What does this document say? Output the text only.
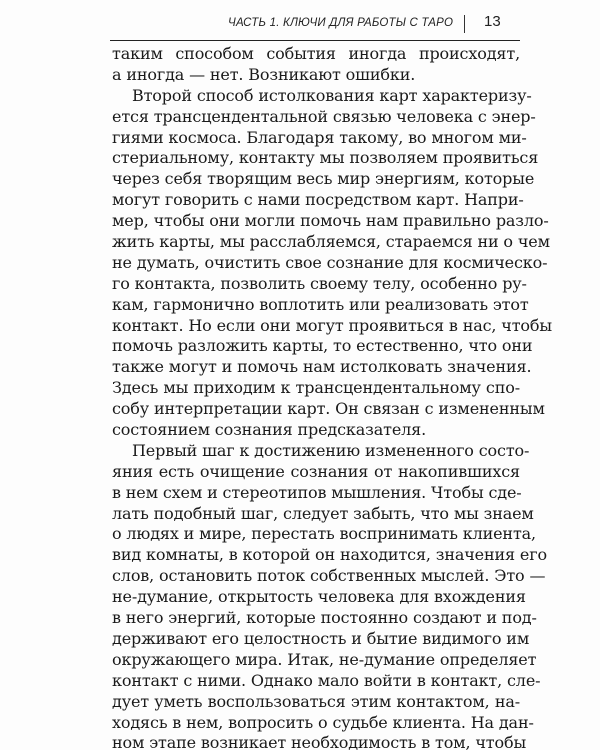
ЧАСТЬ 1. КЛЮЧИ ДЛЯ РАБОТЫ С ТАРО 13
таким способом события иногда происходят,
а иногда — нет. Возникают ошибки.
Второй способ истолкования карт характеризу-
ется трансцендентальной связью человека с энер-
гиями космоса. Благодаря такому, во многом ми-
стериальному, контакту мы позволяем проявиться
через себя творящим весь мир энергиям, которые
могут говорить с нами посредством карт. Напри-
мер, чтобы они могли помочь нам правильно разло-
жить карты, мы расслабляемся, стараемся ни о чем
не думать, очистить свое сознание для космическо-
го контакта, позволить своему телу, особенно ру-
кам, гармонично воплотить или реализовать этот
контакт. Но если они могут проявиться в нас, чтобы
помочь разложить карты, то естественно, что они
также могут и помочь нам истолковать значения.
Здесь мы приходим к трансцендентальному спо-
собу интерпретации карт. Он связан с измененным
состоянием сознания предсказателя.
Первый шаг к достижению измененного состо-
яния есть очищение сознания от накопившихся
в нем схем и стереотипов мышления. Чтобы сде-
лать подобный шаг, следует забыть, что мы знаем
о людях и мире, перестать воспринимать клиента,
вид комнаты, в которой он находится, значения его
слов, остановить поток собственных мыслей. Это —
не-думание, открытость человека для вхождения
в него энергий, которые постоянно создают и под-
держивают его целостность и бытие видимого им
окружающего мира. Итак, не-думание определяет
контакт с ними. Однако мало войти в контакт, сле-
дует уметь воспользоваться этим контактом, на-
ходясь в нем, вопросить о судьбе клиента. На дан-
ном этапе возникает необходимость в том, чтобы
